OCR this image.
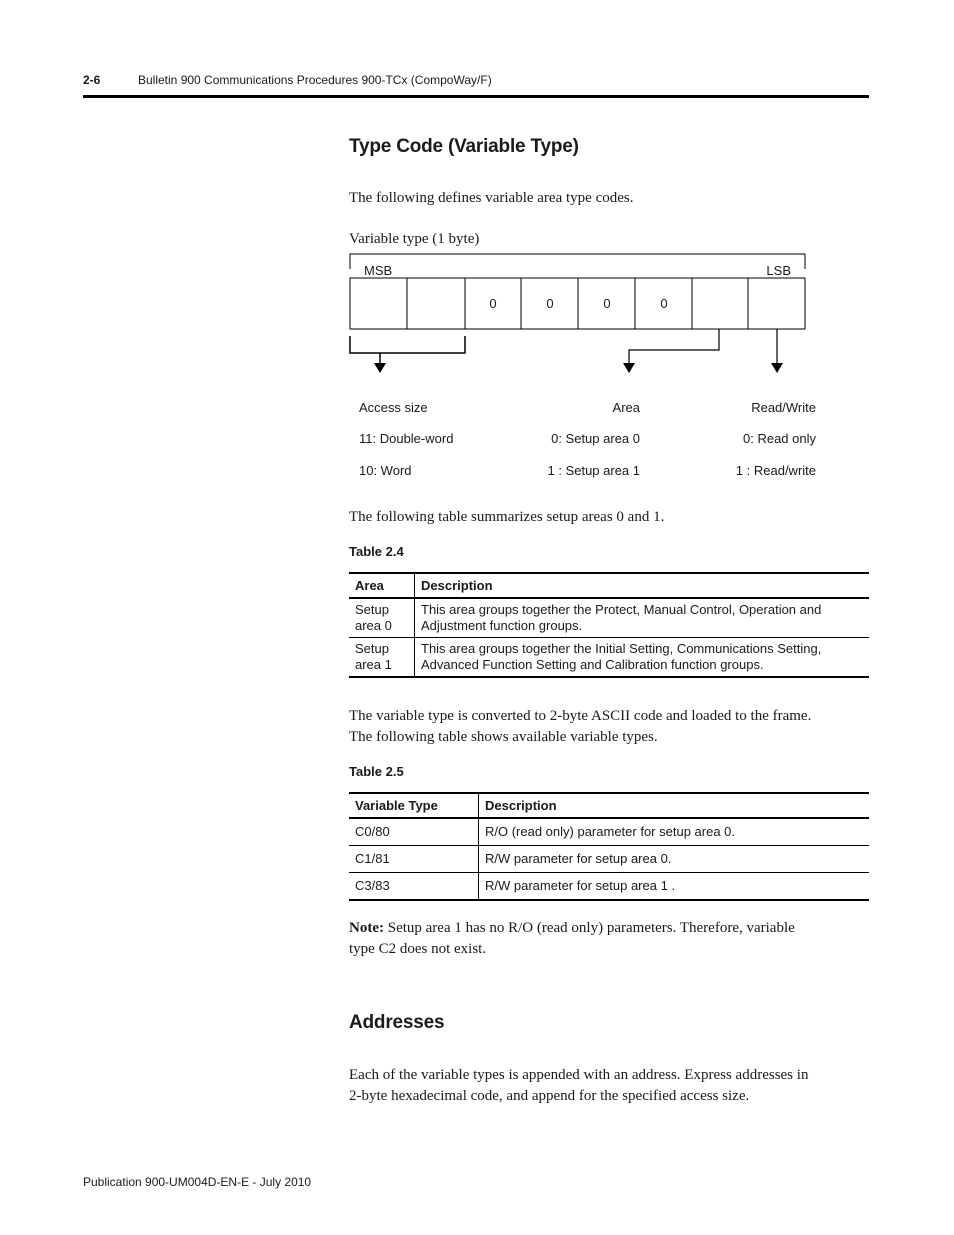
2-6	Bulletin 900 Communications Procedures 900-TCx (CompoWay/F)
Type Code (Variable Type)
The following defines variable area type codes.
Variable type (1 byte)
MSB	LSB
0	0	0	0
Access size
11: Double-word
10: Word
Area
0: Setup area 0
1 : Setup area 1
Read/Write
0: Read only
1 : Read/write
The following table summarizes setup areas 0 and 1.
Table 2.4
Area	Description
Setup
area 0	This area groups together the Protect, Manual Control, Operation and
Adjustment function groups.
Setup
area 1	This area groups together the Initial Setting, Communications Setting,
Advanced Function Setting and Calibration function groups.
The variable type is converted to 2-byte ASCII code and loaded to the frame.
The following table shows available variable types.
Table 2.5
Variable Type	Description
C0/80	R/O (read only) parameter for setup area 0.
C1/81	R/W parameter for setup area 0.
C3/83	R/W parameter for setup area 1 .
Note: Setup area 1 has no R/O (read only) parameters. Therefore, variable
type C2 does not exist.
Addresses
Each of the variable types is appended with an address. Express addresses in
2-byte hexadecimal code, and append for the specified access size.
Publication 900-UM004D-EN-E - July 2010
